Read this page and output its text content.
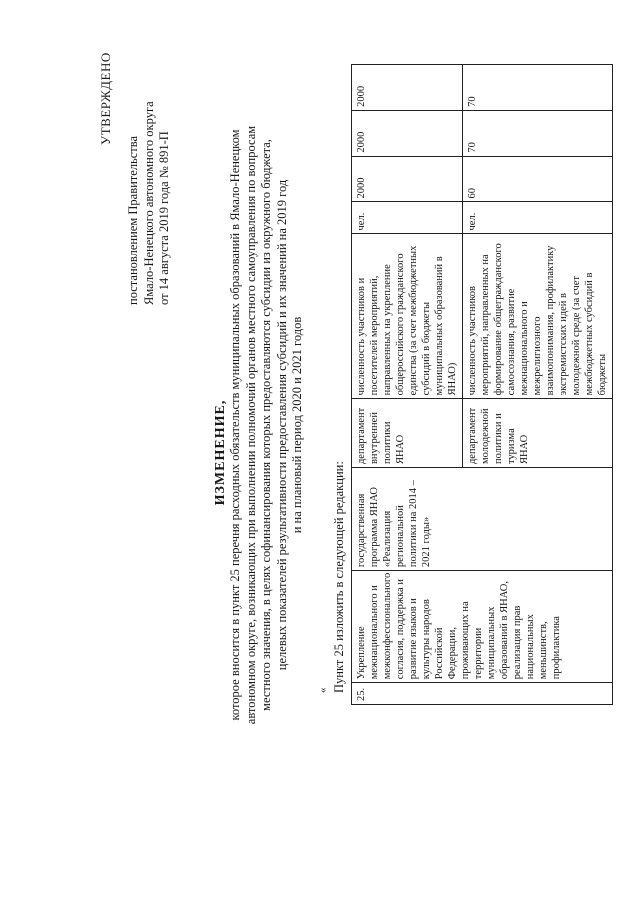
УТВЕРЖДЕНО
постановлением Правительства Ямало-Ненецкого автономного округа от 14 августа 2019 года № 891-П
ИЗМЕНЕНИЕ, которое вносится в пункт 25 перечня расходных обязательств муниципальных образований в Ямало-Ненецком автономном округе, возникающих при выполнении полномочий органов местного самоуправления по вопросам местного значения, в целях софинансирования которых предоставляются субсидии из окружного бюджета, целевых показателей результативности предоставления субсидий и их значений на 2019 год и на плановый период 2020 и 2021 годов
« Пункт 25 изложить в следующей редакции:
25.	Укрепление межнационального и межконфессионального согласия, поддержка и развитие языков и культуры народов Российской Федерации, проживающих на территории муниципальных образований в ЯНАО, реализация прав национальных меньшинств, профилактика	государственная программа ЯНАО «Реализация региональной политики на 2014 – 2021 годы»	департамент внутренней политики ЯНАО	численность участников и посетителей мероприятий, направленных на укрепление общероссийского гражданского единства (за счет межбюджетных субсидий в бюджеты муниципальных образований в ЯНАО)	чел.	2000	2000	2000
			департамент молодежной политики и туризма ЯНАО	численность участников мероприятий, направленных на формирование общегражданского самосознания, развитие межнационального и межрелигиозного взаимопонимания, профилактику экстремистских идей в молодежной среде (за счет межбюджетных субсидий в бюджеты	чел.	60	70	70
